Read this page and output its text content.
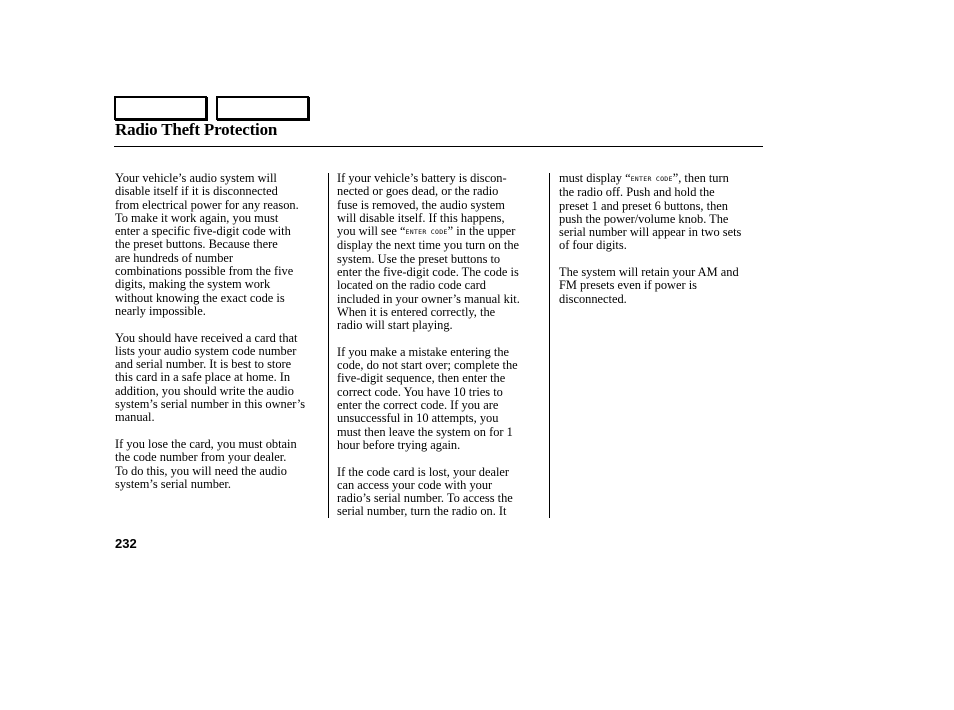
Radio Theft Protection

Your vehicle’s audio system will
disable itself if it is disconnected
from electrical power for any reason.
To make it work again, you must
enter a specific five-digit code with
the preset buttons. Because there
are hundreds of number
combinations possible from the five
digits, making the system work
without knowing the exact code is
nearly impossible.

You should have received a card that
lists your audio system code number
and serial number. It is best to store
this card in a safe place at home. In
addition, you should write the audio
system’s serial number in this owner’s
manual.

If you lose the card, you must obtain
the code number from your dealer.
To do this, you will need the audio
system’s serial number.

If your vehicle’s battery is discon-
nected or goes dead, or the radio
fuse is removed, the audio system
will disable itself. If this happens,
you will see “ENTER CODE” in the upper
display the next time you turn on the
system. Use the preset buttons to
enter the five-digit code. The code is
located on the radio code card
included in your owner’s manual kit.
When it is entered correctly, the
radio will start playing.

If you make a mistake entering the
code, do not start over; complete the
five-digit sequence, then enter the
correct code. You have 10 tries to
enter the correct code. If you are
unsuccessful in 10 attempts, you
must then leave the system on for 1
hour before trying again.

If the code card is lost, your dealer
can access your code with your
radio’s serial number. To access the
serial number, turn the radio on. It

must display “ENTER CODE”, then turn
the radio off. Push and hold the
preset 1 and preset 6 buttons, then
push the power/volume knob. The
serial number will appear in two sets
of four digits.

The system will retain your AM and
FM presets even if power is
disconnected.

232
